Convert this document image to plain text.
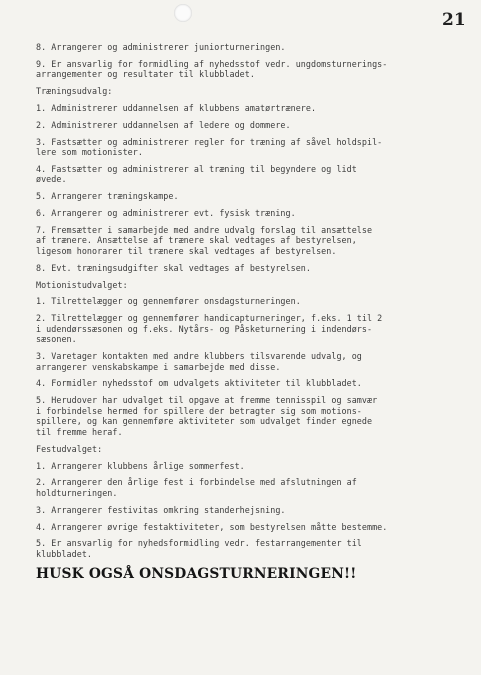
21

8. Arrangerer og administrerer juniorturneringen.

9. Er ansvarlig for formidling af nyhedsstof vedr. ungdomsturnerings-
arrangementer og resultater til klubbladet.

Træningsudvalg:

1. Administrerer uddannelsen af klubbens amatørtrænere.

2. Administrerer uddannelsen af ledere og dommere.

3. Fastsætter og administrerer regler for træning af såvel holdspil-
lere som motionister.

4. Fastsætter og administrerer al træning til begyndere og lidt
øvede.

5. Arrangerer træningskampe.

6. Arrangerer og administrerer evt. fysisk træning.

7. Fremsætter i samarbejde med andre udvalg forslag til ansættelse
af trænere. Ansættelse af trænere skal vedtages af bestyrelsen,
ligesom honorarer til trænere skal vedtages af bestyrelsen.

8. Evt. træningsudgifter skal vedtages af bestyrelsen.

Motionistudvalget:

1. Tilrettelægger og gennemfører onsdagsturneringen.

2. Tilrettelægger og gennemfører handicapturneringer, f.eks. 1 til 2
i udendørssæsonen og f.eks. Nytårs- og Påsketurnering i indendørs-
sæsonen.

3. Varetager kontakten med andre klubbers tilsvarende udvalg, og
arrangerer venskabskampe i samarbejde med disse.

4. Formidler nyhedsstof om udvalgets aktiviteter til klubbladet.

5. Herudover har udvalget til opgave at fremme tennisspil og samvær
i forbindelse hermed for spillere der betragter sig som motions-
spillere, og kan gennemføre aktiviteter som udvalget finder egnede
til fremme heraf.

Festudvalget:

1. Arrangerer klubbens årlige sommerfest.

2. Arrangerer den årlige fest i forbindelse med afslutningen af
holdturneringen.

3. Arrangerer festivitas omkring standerhejsning.

4. Arrangerer øvrige festaktiviteter, som bestyrelsen måtte bestemme.

5. Er ansvarlig for nyhedsformidling vedr. festarrangementer til
klubbladet.

HUSK OGSÅ ONSDAGSTURNERINGEN!!
